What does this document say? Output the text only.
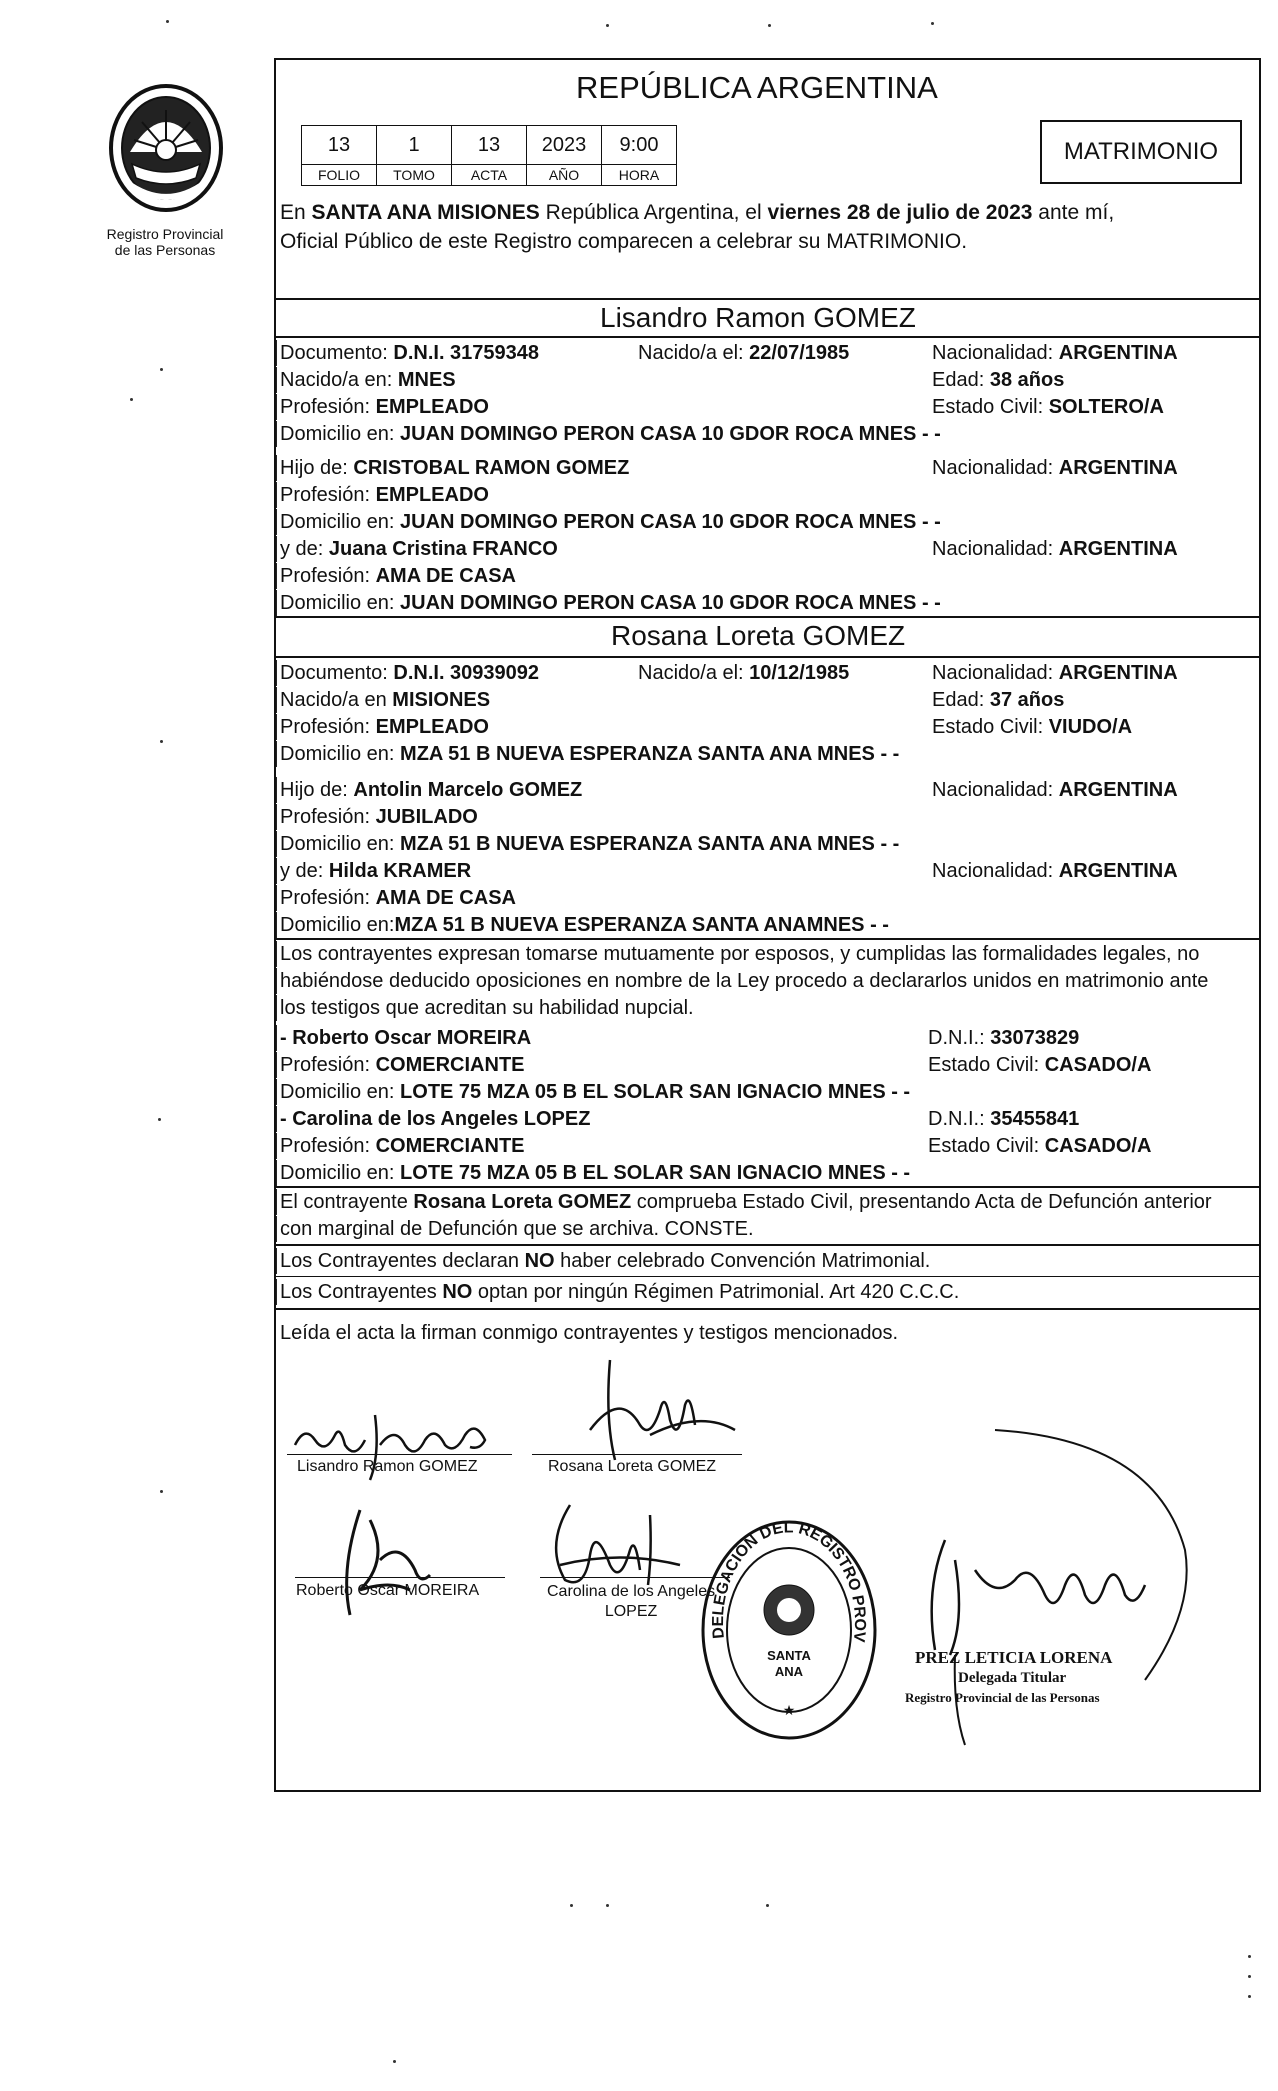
Registro Provincial
de las Personas
REPÚBLICA ARGENTINA
13	1	13	2023	9:00
FOLIO	TOMO	ACTA	AÑO	HORA
MATRIMONIO
En SANTA ANA MISIONES República Argentina, el viernes 28 de julio de 2023 ante mí,
Oficial Público de este Registro comparecen a celebrar su MATRIMONIO.
Lisandro Ramon GOMEZ
Documento: D.N.I. 31759348	Nacido/a el: 22/07/1985	Nacionalidad: ARGENTINA
Nacido/a en: MNES	Edad: 38 años
Profesión: EMPLEADO	Estado Civil: SOLTERO/A
Domicilio en: JUAN DOMINGO PERON CASA 10 GDOR ROCA MNES - -
Hijo de: CRISTOBAL RAMON GOMEZ	Nacionalidad: ARGENTINA
Profesión: EMPLEADO
Domicilio en: JUAN DOMINGO PERON CASA 10 GDOR ROCA MNES - -
y de: Juana Cristina FRANCO	Nacionalidad: ARGENTINA
Profesión: AMA DE CASA
Domicilio en: JUAN DOMINGO PERON CASA 10 GDOR ROCA MNES - -
Rosana Loreta GOMEZ
Documento: D.N.I. 30939092	Nacido/a el: 10/12/1985	Nacionalidad: ARGENTINA
Nacido/a en MISIONES	Edad: 37 años
Profesión: EMPLEADO	Estado Civil: VIUDO/A
Domicilio en: MZA 51 B NUEVA ESPERANZA SANTA ANA MNES - -
Hijo de: Antolin Marcelo GOMEZ	Nacionalidad: ARGENTINA
Profesión: JUBILADO
Domicilio en: MZA 51 B NUEVA ESPERANZA SANTA ANA MNES - -
y de: Hilda KRAMER	Nacionalidad: ARGENTINA
Profesión: AMA DE CASA
Domicilio en:MZA 51 B NUEVA ESPERANZA SANTA ANAMNES - -
Los contrayentes expresan tomarse mutuamente por esposos, y cumplidas las formalidades legales, no
habiéndose deducido oposiciones en nombre de la Ley procedo a declararlos unidos en matrimonio ante
los testigos que acreditan su habilidad nupcial.
- Roberto Oscar MOREIRA	D.N.I.: 33073829
Profesión: COMERCIANTE	Estado Civil: CASADO/A
Domicilio en: LOTE 75 MZA 05 B EL SOLAR SAN IGNACIO MNES - -
- Carolina de los Angeles LOPEZ	D.N.I.: 35455841
Profesión: COMERCIANTE	Estado Civil: CASADO/A
Domicilio en: LOTE 75 MZA 05 B EL SOLAR SAN IGNACIO MNES - -
El contrayente Rosana Loreta GOMEZ comprueba Estado Civil, presentando Acta de Defunción anterior
con marginal de Defunción que se archiva. CONSTE.
Los Contrayentes declaran NO haber celebrado Convención Matrimonial.
Los Contrayentes NO optan por ningún Régimen Patrimonial. Art 420 C.C.C.
Leída el acta la firman conmigo contrayentes y testigos mencionados.
Lisandro Ramon GOMEZ	Rosana Loreta GOMEZ
Roberto Oscar MOREIRA	Carolina de los Angeles
LOPEZ
DELEGACIÓN DEL REGISTRO PROV
SANTA
ANA
★
PREZ LETICIA LORENA
Delegada Titular
Registro Provincial de las Personas
